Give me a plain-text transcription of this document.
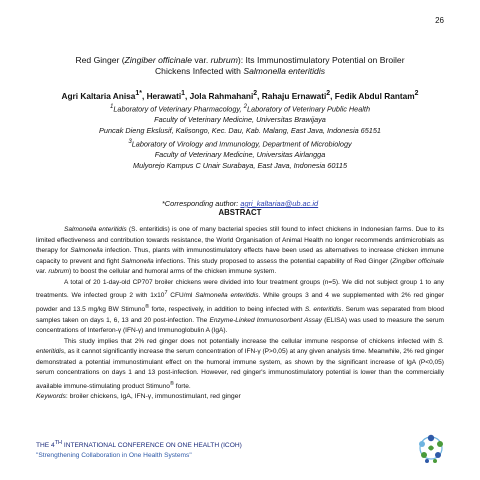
26
Red Ginger (Zingiber officinale var. rubrum): Its Immunostimulatory Potential on Broiler
Chickens Infected with Salmonella enteritidis
Agri Kaltaria Anisa$^{1*}$, Herawati$^1$, Jola Rahmahani$^2$, Rahaju Ernawati$^2$, Fedik Abdul Rantam$^2$
$^1$Laboratory of Veterinary Pharmacology, $^2$Laboratory of Veterinary Public Health
Faculty of Veterinary Medicine, Universitas Brawijaya
Puncak Dieng Ekslusif, Kalisongo, Kec. Dau, Kab. Malang, East Java, Indonesia 65151
$^3$Laboratory of Virology and Immunology, Department of Microbiology
Faculty of Veterinary Medicine, Universitas Airlangga
Mulyorejo Kampus C Unair Surabaya, East Java, Indonesia 60115
*Corresponding author: agri_kaltariaa@ub.ac.id
ABSTRACT

Salmonella enteritidis (S. enteritidis) is one of many bacterial species still found to infect chickens in Indonesian farms. Due to its limited effectiveness and contribution towards resistance, the World Organisation of Animal Health no longer recommends antimicrobials as therapy for Salmonella infection. Thus, plants with immunostimulatory effects have been used as alternatives to increase chicken immune capacity to prevent and fight Salmonella infections. This study proposed to assess the potential capability of Red Ginger (Zingiber officinale var. rubrum) to boost the cellular and humoral arms of the chicken immune system.

A total of 20 1-day-old CP707 broiler chickens were divided into four treatment groups (n=5). We did not subject group 1 to any treatments. We infected group 2 with $1x10^7$ CFU/ml Salmonella enteritidis. While groups 3 and 4 we supplemented with 2% red ginger powder and 13.5 mg/kg BW Stimuno® forte, respectively, in addition to being infected with S. enteritidis. Serum was separated from blood samples taken on days 1, 6, 13 and 20 post-infection. The Enzyme-Linked Immunosorbent Assay (ELISA) was used to measure the serum concentrations of Interferon-γ (IFN-γ) and Immunoglobulin A (IgA).

This study implies that 2% red ginger does not potentially increase the cellular immune response of chickens infected with S. enteritidis, as it cannot significantly increase the serum concentration of IFN-γ (P>0,05) at any given analysis time. Meanwhile, 2% red ginger demonstrated a potential immunostimulant effect on the humoral immune system, as shown by the significant increase of IgA (P<0,05) serum concentrations on days 1 and 13 post-infection. However, red ginger's immunostimulatory potential is lower than the commercially available immune-stimulating product Stimuno® forte.

Keywords: broiler chickens, IgA, IFN-γ, immunostimulant, red ginger
THE 4TH INTERNATIONAL CONFERENCE ON ONE HEALTH (ICOH)
"Strengthening Collaboration in One Health Systems"
